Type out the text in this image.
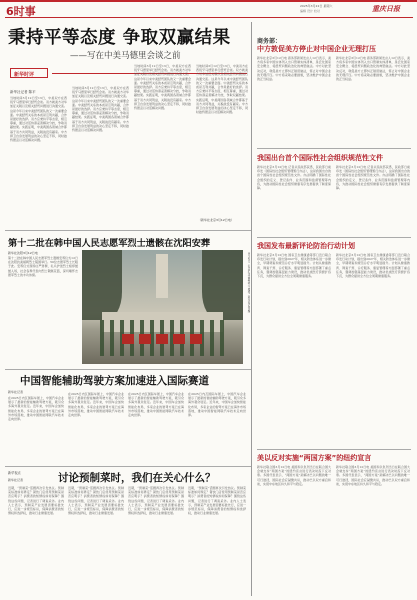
6时事	2025年3月22日 星期六
编辑 设计 校对	重庆日报
秉持平等态度 争取双赢结果
——写在中美马德里会谈之前
新华时评
新华社记者 陈平
当地时间3月12日至13日，中美双方在西班牙马德里举行经贸会谈。双方就美方对华加征关税以及相关经贸问题进行沟通交流。这是今年以来中美经贸团队的又一次重要会面。中美经贸关系的本质是互利共赢，合作是最好的选择。双方应秉持平等态度，相互尊重，通过对话协商妥善解决分歧，争取双赢结果。实践证明，中美两国各领域合作都基于双方共同利益，关税战没有赢家。中方捍卫自身发展利益的决心坚定不移，同时始终愿意以对话解决问题。
当地时间3月12日至13日，中美双方在西班牙马德里举行经贸会谈。双方就美方对华加征关税以及相关经贸问题进行沟通交流。这是今年以来中美经贸团队的又一次重要会面。中美经贸关系的本质是互利共赢，合作是最好的选择。双方应秉持平等态度，相互尊重，通过对话协商妥善解决分歧，争取双赢结果。实践证明，中美两国各领域合作都基于双方共同利益，关税战没有赢家。中方捍卫自身发展利益的决心坚定不移，同时始终愿意以对话解决问题。
当地时间3月12日至13日，中美双方在西班牙马德里举行经贸会谈。双方就美方对华加征关税以及相关经贸问题进行沟通交流。这是今年以来中美经贸团队的又一次重要会面。中美经贸关系的本质是互利共赢，合作是最好的选择。双方应秉持平等态度，相互尊重，通过对话协商妥善解决分歧，争取双赢结果。实践证明，中美两国各领域合作都基于双方共同利益，关税战没有赢家。中方捍卫自身发展利益的决心坚定不移，同时始终愿意以对话解决问题。
当地时间3月12日至13日，中美双方在西班牙马德里举行经贸会谈。双方就美方对华加征关税以及相关经贸问题进行沟通交流。这是今年以来中美经贸团队的又一次重要会面。中美经贸关系的本质是互利共赢，合作是最好的选择。双方应秉持平等态度，相互尊重，通过对话协商妥善解决分歧，争取双赢结果。实践证明，中美两国各领域合作都基于双方共同利益，关税战没有赢家。中方捍卫自身发展利益的决心坚定不移，同时始终愿意以对话解决问题。
（新华社北京3月12日电）
商务部：
中方敦促美方停止对中国企业无理打压
新华社北京3月12日电 商务部新闻发言人12日表示，美方将多家中国实体列入出口管制实体清单，是泛化国家安全概念、将经贸问题政治化的典型做法。中方对此坚决反对，敦促美方立即纠正错误做法，停止对中国企业的无理打压。中方将采取必要措施，坚决维护中国企业的正当权益。
新华社北京3月12日电 商务部新闻发言人12日表示，美方将多家中国实体列入出口管制实体清单，是泛化国家安全概念、将经贸问题政治化的典型做法。中方对此坚决反对，敦促美方立即纠正错误做法，停止对中国企业的无理打压。中方将采取必要措施，坚决维护中国企业的正当权益。
我国出台首个国际性社会组织规范性文件
新华社北京3月12日电 记者从民政部获悉，民政部日前印发《国际性社会组织管理暂行办法》，这是我国出台的首个国际性社会组织规范性文件。办法明确了国际性社会组织的定义、登记条件、业务范围和监督管理等内容，为推动国际性社会组织健康有序发展提供了制度保障。
新华社北京3月12日电 记者从民政部获悉，民政部日前印发《国际性社会组织管理暂行办法》，这是我国出台的首个国际性社会组织规范性文件。办法明确了国际性社会组织的定义、登记条件、业务范围和监督管理等内容，为推动国际性社会组织健康有序发展提供了制度保障。
我国发布最新评论防治行动计划
新华社北京3月12日电 国家卫生健康委等部门近日联合印发行动计划，提出到2027年，相关防治体系进一步健全，早期筛查和规范诊疗水平明显提升。计划从健康教育、筛查干预、诊疗服务、康复管理等方面部署了重点任务，强调加强基层能力建设，推动优质医疗资源扩容下沉，为群众提供全方位全周期健康服务。
新华社北京3月12日电 国家卫生健康委等部门近日联合印发行动计划，提出到2027年，相关防治体系进一步健全，早期筛查和规范诊疗水平明显提升。计划从健康教育、筛查干预、诊疗服务、康复管理等方面部署了重点任务，强调加强基层能力建设，推动优质医疗资源扩容下沉，为群众提供全方位全周期健康服务。
美以反对实施“两国方案”的纽约宣言
新华社联合国3月12日电 美国和以色列当日在联合国大会就支持“两国方案”的纽约宣言进行表决时投下反对票。多国代表表示，“两国方案”是解决巴以问题的唯一可行途径，国际社会应凝聚共识，推动巴以双方重启和谈，实现中东地区持久和平与稳定。
新华社联合国3月12日电 美国和以色列当日在联合国大会就支持“两国方案”的纽约宣言进行表决时投下反对票。多国代表表示，“两国方案”是解决巴以问题的唯一可行途径，国际社会应凝聚共识，推动巴以双方重启和谈，实现中东地区持久和平与稳定。
第十二批在韩中国人民志愿军烈士遗骸在沈阳安葬
新华社沈阳3月12日电
第十二批在韩中国人民志愿军烈士遗骸安葬仪式12日在沈阳抗美援朝烈士陵园举行。50位志愿军烈士长眠于此。安葬仪式现场庄严肃穆，礼兵护送烈士棺椁缓缓入场，社会各界代表向烈士敬献花篮，深切缅怀志愿军烈士的丰功伟绩。	3月12日，礼兵护送志愿军烈士棺椁。新华社记者 摄
中国智能辅助驾驶方案加速进入国际赛道
新华社记者
在2025日内瓦国际车展上，中国汽车企业展示了最新的智能辅助驾驶方案，吸引众多海外观众驻足。近年来，中国车企加快智能化布局，多家企业的智驾方案已在海外市场落地，推动中国智能网联汽车技术走向世界。
在2025日内瓦国际车展上，中国汽车企业展示了最新的智能辅助驾驶方案，吸引众多海外观众驻足。近年来，中国车企加快智能化布局，多家企业的智驾方案已在海外市场落地，推动中国智能网联汽车技术走向世界。
在2025日内瓦国际车展上，中国汽车企业展示了最新的智能辅助驾驶方案，吸引众多海外观众驻足。近年来，中国车企加快智能化布局，多家企业的智驾方案已在海外市场落地，推动中国智能网联汽车技术走向世界。
在2025日内瓦国际车展上，中国汽车企业展示了最新的智能辅助驾驶方案，吸引众多海外观众驻足。近年来，中国车企加快智能化布局，多家企业的智驾方案已在海外市场落地，推动中国智能网联汽车技术走向世界。
新华视点	讨论预制菜时，我们在关心什么？
新华社记者
近期，“预制菜”话题再次引发热议。预制菜标准如何界定？餐饮门店使用预制菜是否应明示？消费者的知情权如何保障？围绕这些问题，记者进行了调查采访。业内人士表示，预制菜产业发展需要标准先行，应进一步规范标识，保障消费者的知情权和选择权，推动行业健康发展。
近期，“预制菜”话题再次引发热议。预制菜标准如何界定？餐饮门店使用预制菜是否应明示？消费者的知情权如何保障？围绕这些问题，记者进行了调查采访。业内人士表示，预制菜产业发展需要标准先行，应进一步规范标识，保障消费者的知情权和选择权，推动行业健康发展。
近期，“预制菜”话题再次引发热议。预制菜标准如何界定？餐饮门店使用预制菜是否应明示？消费者的知情权如何保障？围绕这些问题，记者进行了调查采访。业内人士表示，预制菜产业发展需要标准先行，应进一步规范标识，保障消费者的知情权和选择权，推动行业健康发展。
近期，“预制菜”话题再次引发热议。预制菜标准如何界定？餐饮门店使用预制菜是否应明示？消费者的知情权如何保障？围绕这些问题，记者进行了调查采访。业内人士表示，预制菜产业发展需要标准先行，应进一步规范标识，保障消费者的知情权和选择权，推动行业健康发展。
